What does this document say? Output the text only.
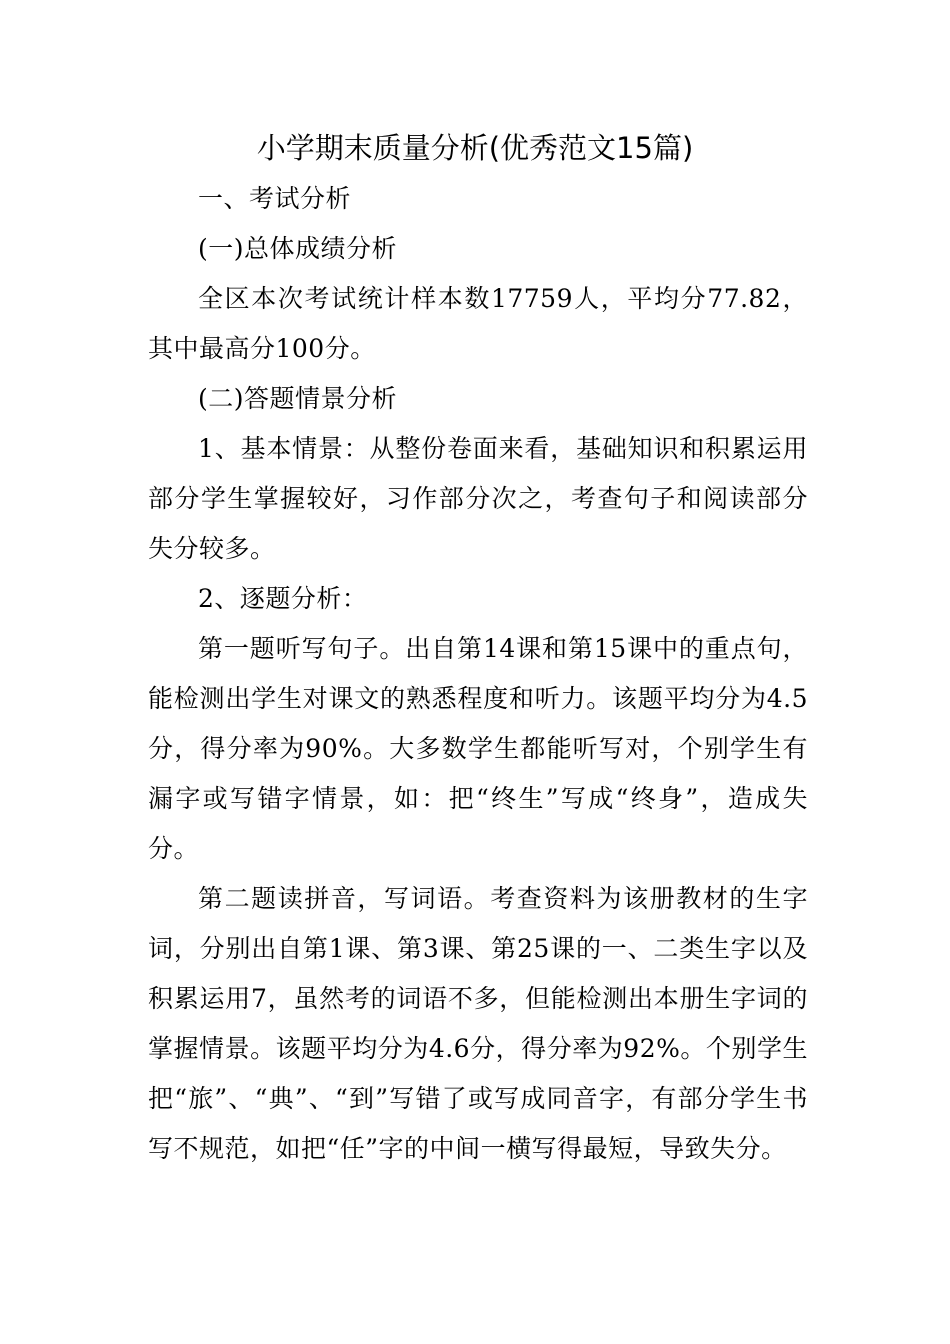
小学期末质量分析(优秀范文15篇)

一、考试分析

(一)总体成绩分析

全区本次考试统计样本数17759人，平均分77.82，其中最高分100分。

(二)答题情景分析

1、基本情景：从整份卷面来看，基础知识和积累运用部分学生掌握较好，习作部分次之，考查句子和阅读部分失分较多。

2、逐题分析：

第一题听写句子。出自第14课和第15课中的重点句，能检测出学生对课文的熟悉程度和听力。该题平均分为4.5分，得分率为90%。大多数学生都能听写对，个别学生有漏字或写错字情景，如：把“终生”写成“终身”，造成失分。

第二题读拼音，写词语。考查资料为该册教材的生字词，分别出自第1课、第3课、第25课的一、二类生字以及积累运用7，虽然考的词语不多，但能检测出本册生字词的掌握情景。该题平均分为4.6分，得分率为92%。个别学生把“旅”、“典”、“到”写错了或写成同音字，有部分学生书写不规范，如把“任”字的中间一横写得最短，导致失分。
